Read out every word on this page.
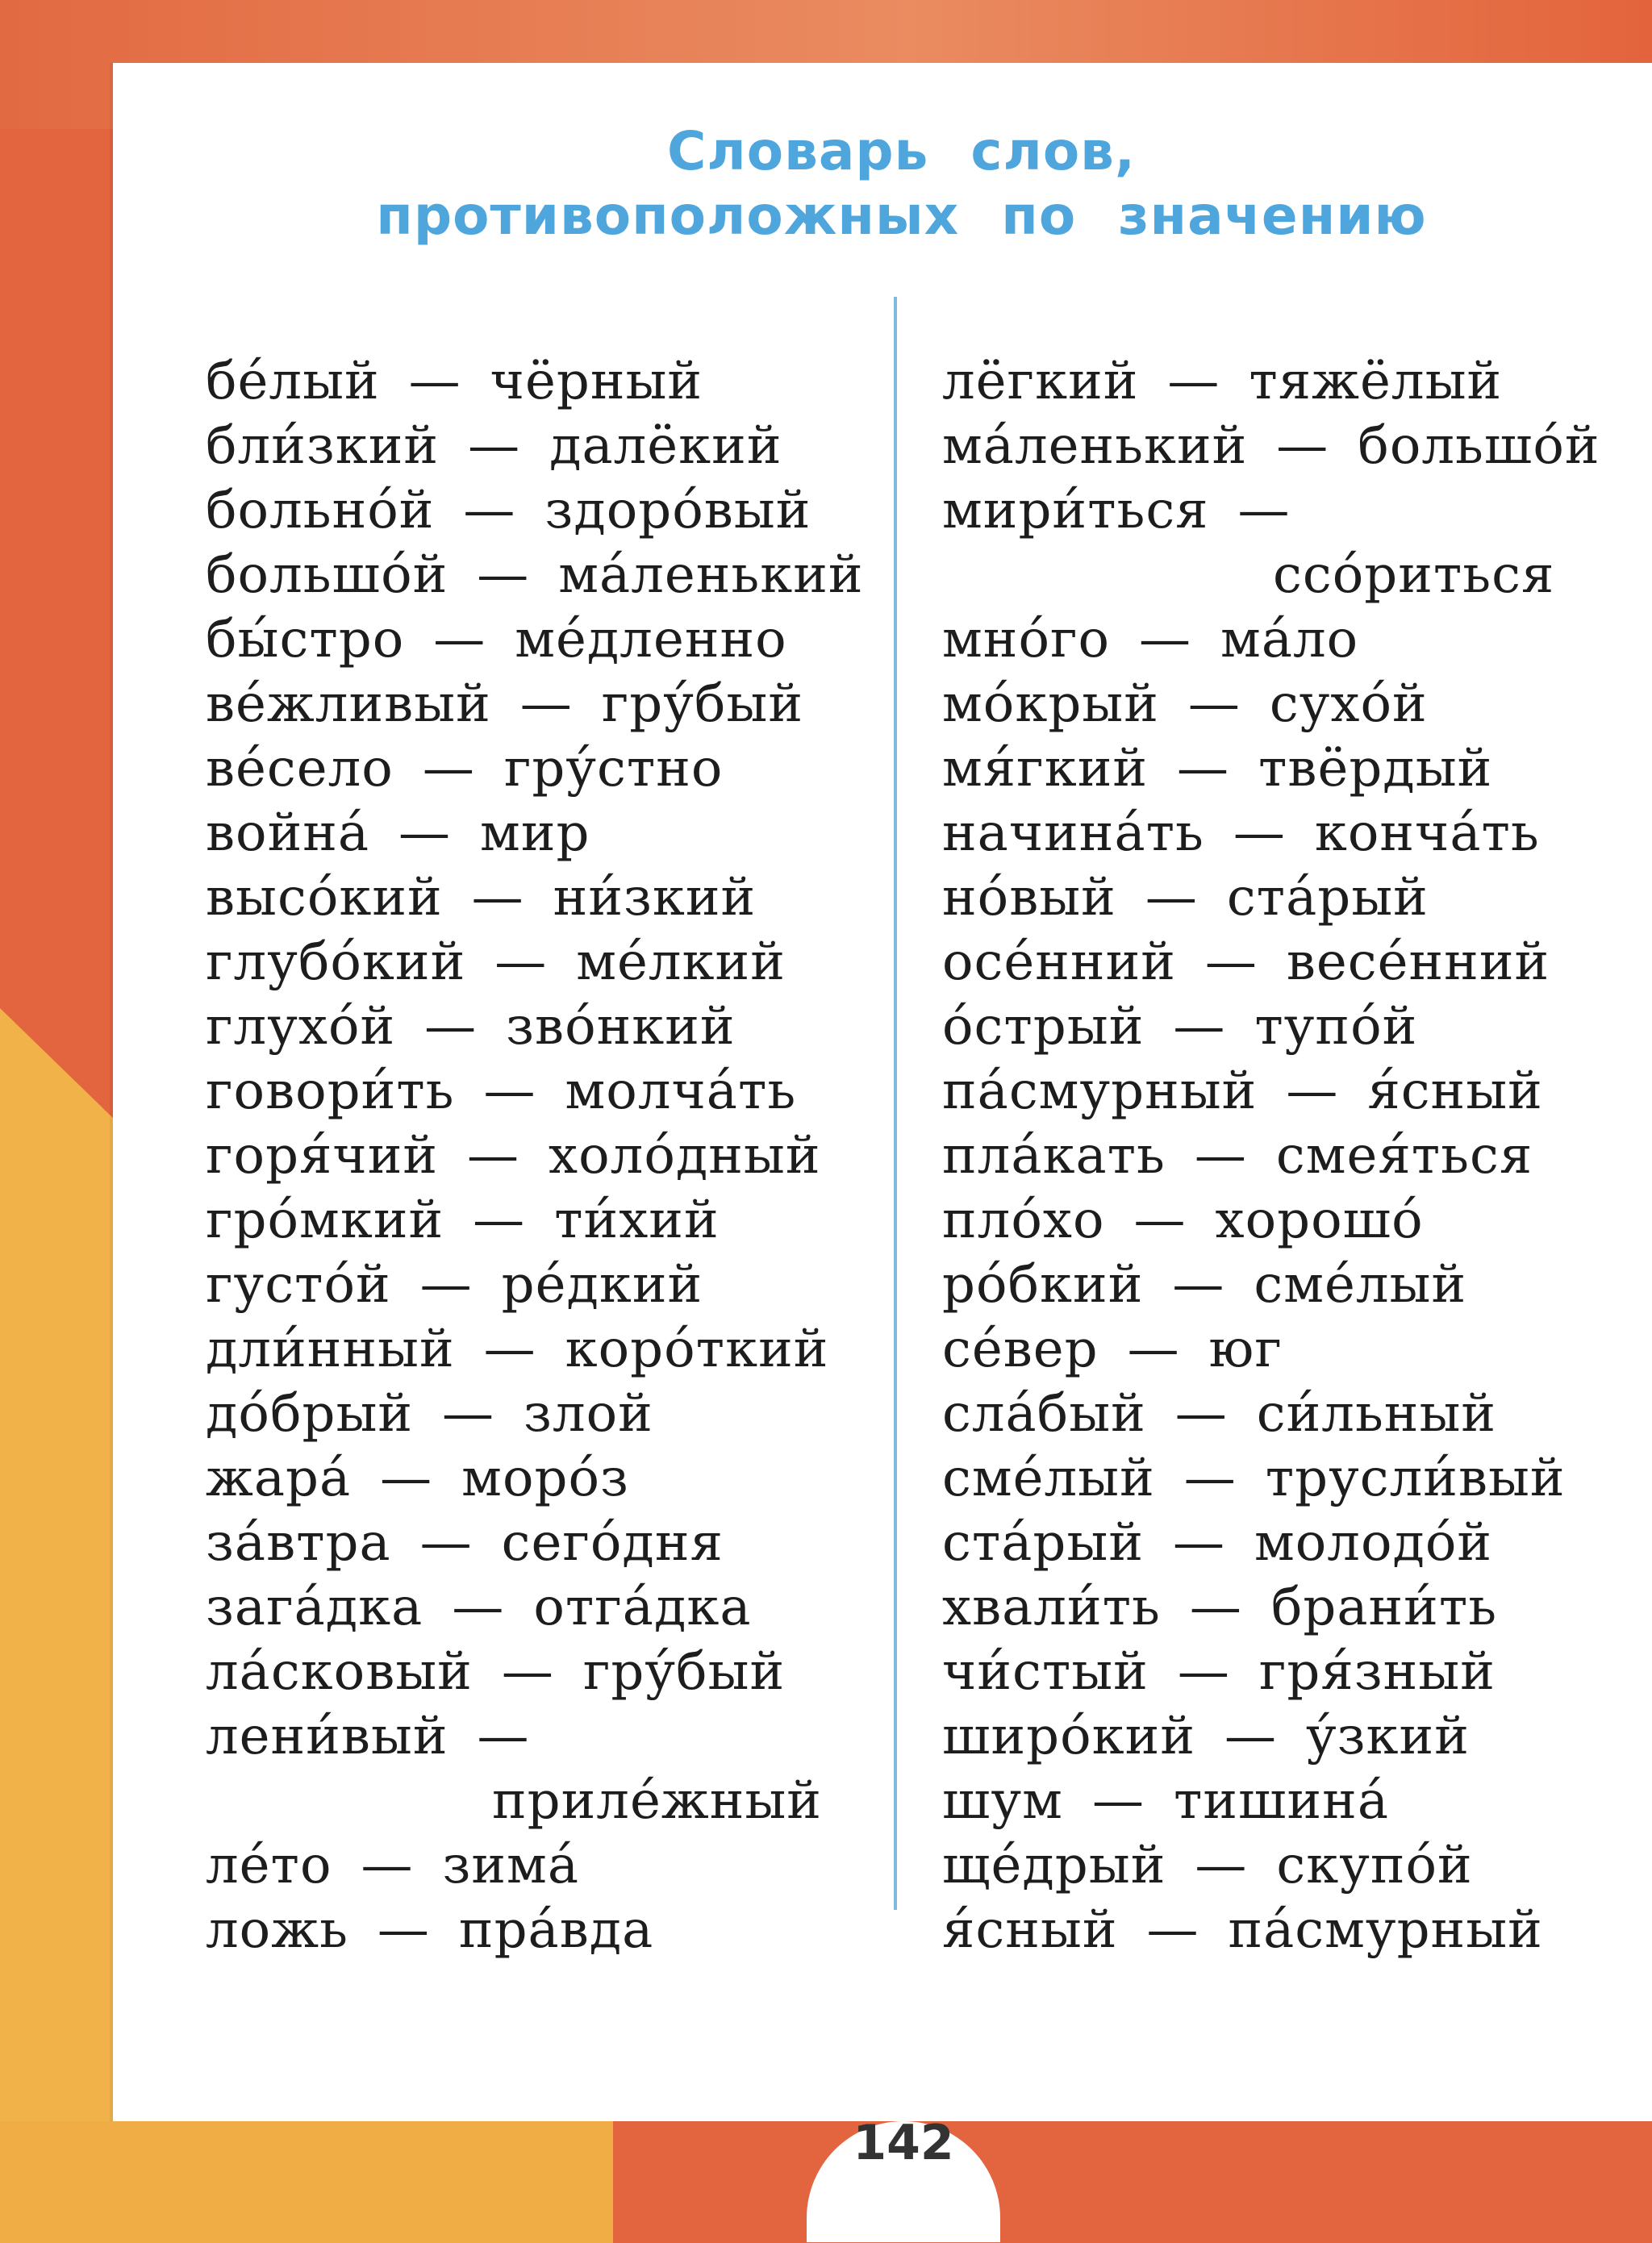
Словарь слов,
противоположных по значению
бе́лый — чёрный
бли́зкий — далёкий
больно́й — здоро́вый
большо́й — ма́ленький
бы́стро — ме́дленно
ве́жливый — гру́бый
ве́село — гру́стно
война́ — мир
высо́кий — ни́зкий
глубо́кий — ме́лкий
глухо́й — зво́нкий
говори́ть — молча́ть
горя́чий — холо́дный
гро́мкий — ти́хий
густо́й — ре́дкий
дли́нный — коро́ткий
до́брый — злой
жара́ — моро́з
за́втра — сего́дня
зага́дка — отга́дка
ла́сковый — гру́бый
лени́вый —
приле́жный
ле́то — зима́
ложь — пра́вда
лёгкий — тяжёлый
ма́ленький — большо́й
мири́ться —
ссо́риться
мно́го — ма́ло
мо́крый — сухо́й
мя́гкий — твёрдый
начина́ть — конча́ть
но́вый — ста́рый
осе́нний — весе́нний
о́стрый — тупо́й
па́смурный — я́сный
пла́кать — смея́ться
пло́хо — хорошо́
ро́бкий — сме́лый
се́вер — юг
сла́бый — си́льный
сме́лый — трусли́вый
ста́рый — молодо́й
хвали́ть — брани́ть
чи́стый — гря́зный
широ́кий — у́зкий
шум — тишина́
ще́дрый — скупо́й
я́сный — па́смурный
142
